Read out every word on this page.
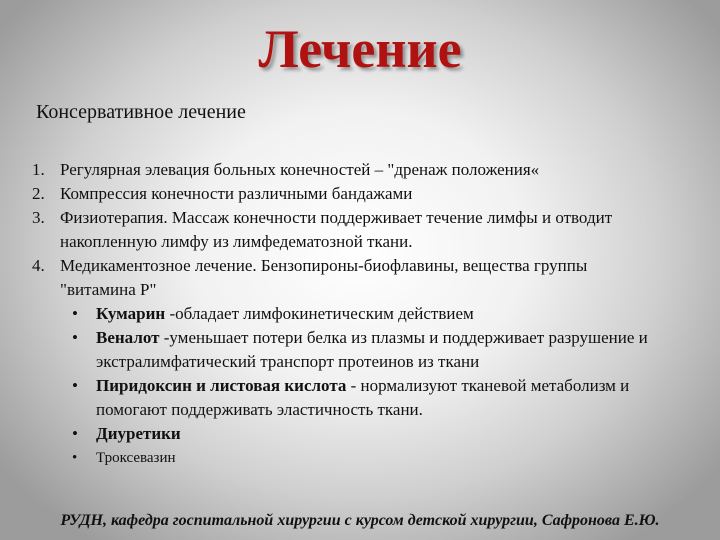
Лечение
Консервативное лечение
1. Регулярная элевация больных конечностей – "дренаж положения«
2. Компрессия конечности различными бандажами
3. Физиотерапия. Массаж конечности поддерживает течение лимфы и отводит накопленную лимфу из лимфедематозной ткани.
4. Медикаментозное лечение. Бензопироны-биофлавины, вещества группы "витамина Р"
• Кумарин -обладает лимфокинетическим действием
• Веналот -уменьшает потери белка из плазмы и поддерживает разрушение и экстралимфатический транспорт протеинов из ткани
• Пиридоксин и листовая кислота - нормализуют тканевой метаболизм и помогают поддерживать эластичность ткани.
• Диуретики
• Троксевазин
РУДН, кафедра госпитальной хирургии с курсом детской хирургии, Сафронова Е.Ю.
